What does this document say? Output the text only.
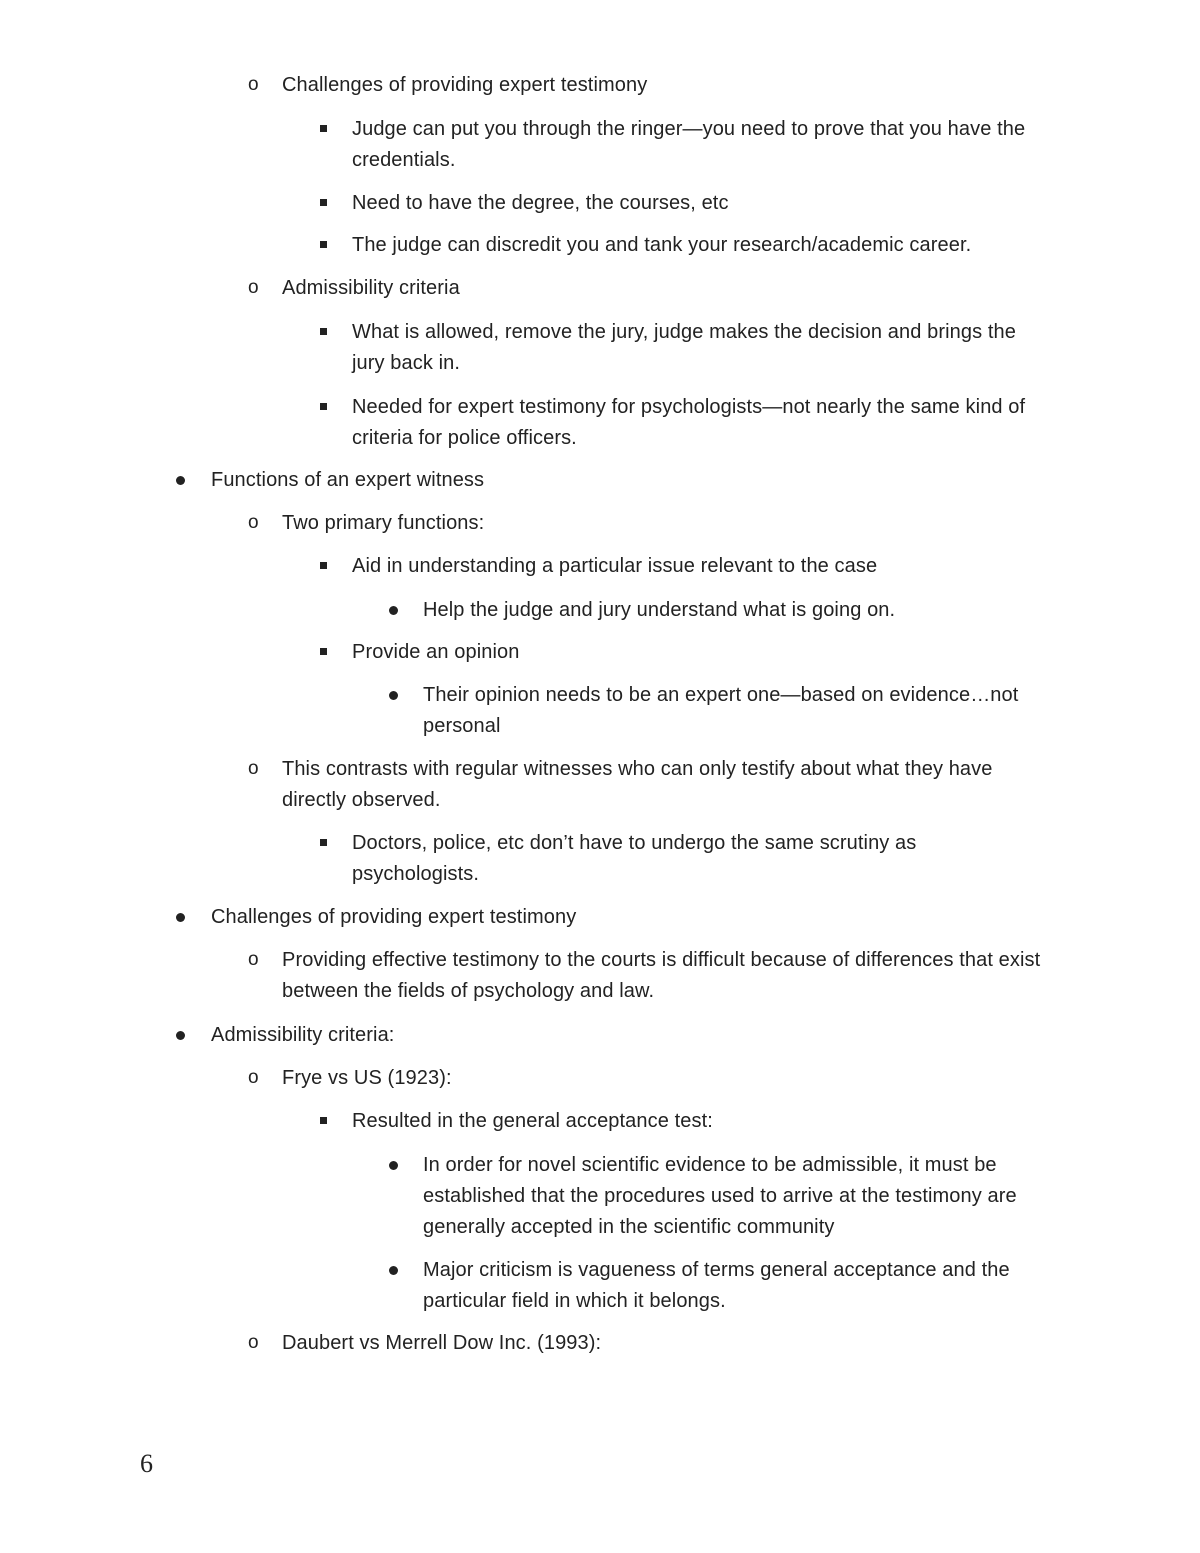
o Challenges of providing expert testimony
Judge can put you through the ringer—you need to prove that you have the credentials.
Need to have the degree, the courses, etc
The judge can discredit you and tank your research/academic career.
o Admissibility criteria
What is allowed, remove the jury, judge makes the decision and brings the jury back in.
Needed for expert testimony for psychologists—not nearly the same kind of criteria for police officers.
Functions of an expert witness
o Two primary functions:
Aid in understanding a particular issue relevant to the case
Help the judge and jury understand what is going on.
Provide an opinion
Their opinion needs to be an expert one—based on evidence…not personal
o This contrasts with regular witnesses who can only testify about what they have directly observed.
Doctors, police, etc don’t have to undergo the same scrutiny as psychologists.
Challenges of providing expert testimony
o Providing effective testimony to the courts is difficult because of differences that exist between the fields of psychology and law.
Admissibility criteria:
o Frye vs US (1923):
Resulted in the general acceptance test:
In order for novel scientific evidence to be admissible, it must be established that the procedures used to arrive at the testimony are generally accepted in the scientific community
Major criticism is vagueness of terms general acceptance and the particular field in which it belongs.
o Daubert vs Merrell Dow Inc. (1993):
6
